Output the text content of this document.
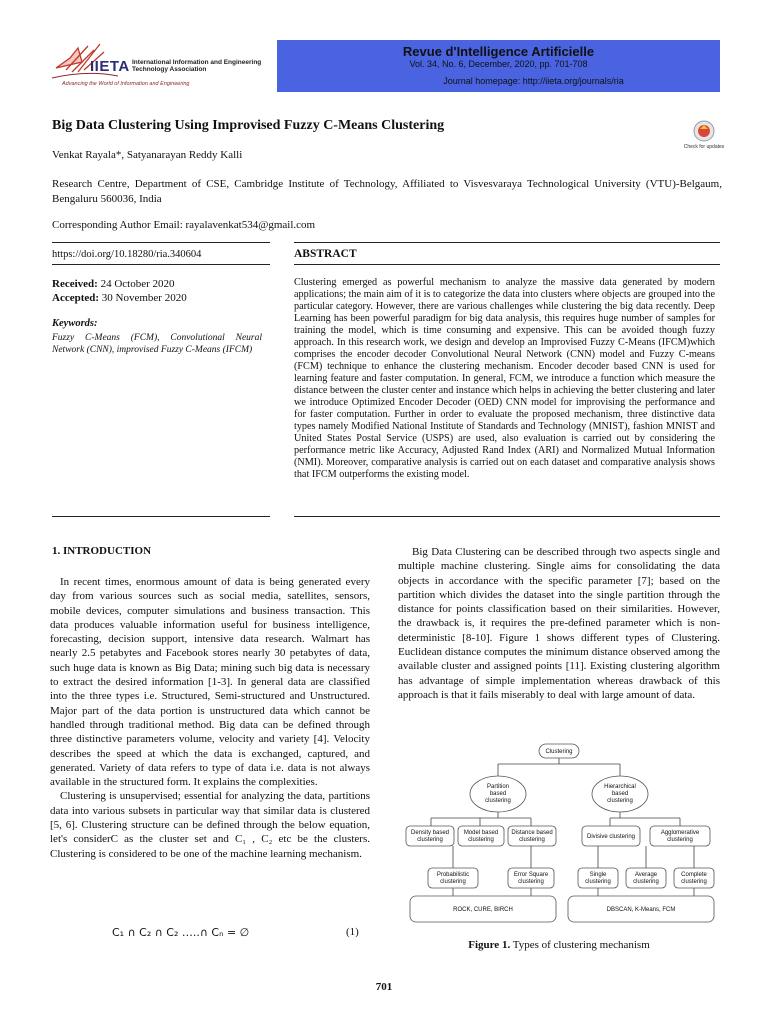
IIETA International Information and Engineering Technology Association
Advancing the World of Information and Engineering
Revue d'Intelligence Artificielle
Vol. 34, No. 6, December, 2020, pp. 701-708
Journal homepage: http://iieta.org/journals/ria
Big Data Clustering Using Improvised Fuzzy C-Means Clustering
Check for updates
Venkat Rayala*, Satyanarayan Reddy Kalli
Research Centre, Department of CSE, Cambridge Institute of Technology, Affiliated to Visvesvaraya Technological University (VTU)-Belgaum, Bengaluru 560036, India
Corresponding Author Email: rayalavenkat534@gmail.com
https://doi.org/10.18280/ria.340604	ABSTRACT
Received: 24 October 2020
Accepted: 30 November 2020
Keywords:
Fuzzy C-Means (FCM), Convolutional Neural Network (CNN), improvised Fuzzy C-Means (IFCM)
Clustering emerged as powerful mechanism to analyze the massive data generated by modern applications; the main aim of it is to categorize the data into clusters where objects are grouped into the particular category. However, there are various challenges while clustering the big data recently. Deep Learning has been powerful paradigm for big data analysis, this requires huge number of samples for training the model, which is time consuming and expensive. This can be avoided though fuzzy approach. In this research work, we design and develop an Improvised Fuzzy C-Means (IFCM)which comprises the encoder decoder Convolutional Neural Network (CNN) model and Fuzzy C-means (FCM) technique to enhance the clustering mechanism. Encoder decoder based CNN is used for learning feature and faster computation. In general, FCM, we introduce a function which measure the distance between the cluster center and instance which helps in achieving the better clustering and later we introduce Optimized Encoder Decoder (OED) CNN model for improvising the performance and for faster computation. Further in order to evaluate the proposed mechanism, three distinctive data types namely Modified National Institute of Standards and Technology (MNIST), fashion MNIST and United States Postal Service (USPS) are used, also evaluation is carried out by considering the performance metric like Accuracy, Adjusted Rand Index (ARI) and Normalized Mutual Information (NMI). Moreover, comparative analysis is carried out on each dataset and comparative analysis shows that IFCM outperforms the existing model.
1. INTRODUCTION

In recent times, enormous amount of data is being generated every day from various sources such as social media, satellites, sensors, mobile devices, computer simulations and business transaction. This data produces valuable information useful for business intelligence, forecasting, decision support, intensive data research. Walmart has nearly 2.5 petabytes and Facebook stores nearly 30 petabytes of data, such huge data is known as Big Data; mining such big data is necessary to extract the desired information [1-3]. In general data are classified into the three types i.e. Structured, Semi-structured and Unstructured. Major part of the data portion is unstructured data which cannot be handled through traditional method. Big data can be defined through three distinctive parameters volume, velocity and variety [4]. Velocity describes the speed at which the data is exchanged, captured, and generated. Variety of data refers to type of data i.e. data is not always available in the structured form. It explains the complexities.

Clustering is unsupervised; essential for analyzing the data, partitions data into various subsets in particular way that similar data is clustered [5, 6]. Clustering structure can be defined through the below equation, let's considerC as the cluster set and C₁ , C₂ etc be the clusters. Clustering is considered to be one of the machine learning mechanism.

C₁ ∩ C₂ ∩ C₂ …..∩ Cₙ = ∅	(1)

Big Data Clustering can be described through two aspects single and multiple machine clustering. Single aims for consolidating the data objects in accordance with the specific parameter [7]; based on the partition which divides the dataset into the single partition through the distance for points classification based on their similarities. However, the drawback is, it requires the pre-defined parameter which is non-deterministic [8-10]. Figure 1 shows different types of Clustering. Euclidean distance computes the minimum distance observed among the available cluster and assigned points [11]. Existing clustering algorithm has advantage of simple implementation whereas drawback of this approach is that it fails miserably to deal with large amount of data.

Clustering
Partition
based
clustering
Hierarchical
based
clustering
Density based
clustering
Model based
clustering
Distance based
clustering	Divisive clustering
Agglomerative
clustering
Probabilistic
clustering
Error Square
clustering
Single
clustering
Average
clustering
Complete
clustering
ROCK, CURE, BIRCH	DBSCAN, K-Means, FCM
Figure 1. Types of clustering mechanism
701
